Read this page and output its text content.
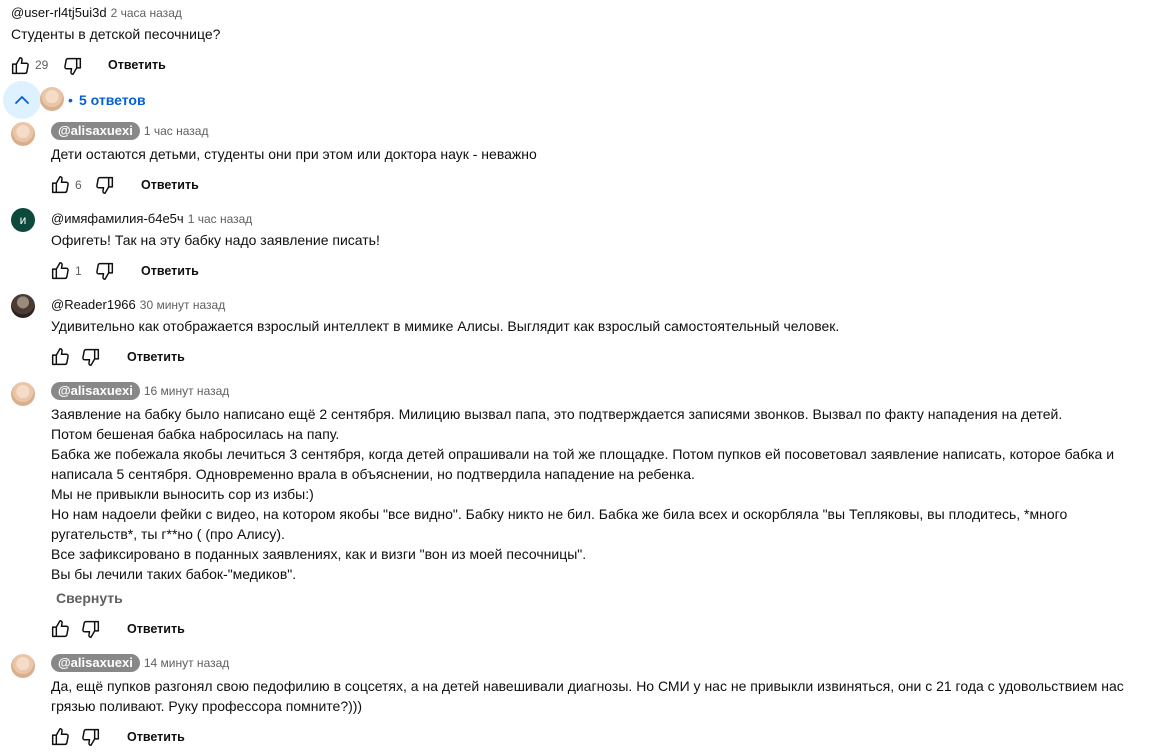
@user-rl4tj5ui3d 2 часа назад
Студенты в детской песочнице?
29	Ответить
• 5 ответов
@alisaxuexi 1 час назад
Дети остаются детьми, студенты они при этом или доктора наук - неважно
6	Ответить
и	@имяфамилия-б4е5ч 1 час назад
Офигеть! Так на эту бабку надо заявление писать!
1	Ответить
@Reader1966 30 минут назад
Удивительно как отображается взрослый интеллект в мимике Алисы. Выглядит как взрослый самостоятельный человек.
Ответить
@alisaxuexi 16 минут назад
Заявление на бабку было написано ещё 2 сентября. Милицию вызвал папа, это подтверждается записями звонков. Вызвал по факту нападения на детей.
Потом бешеная бабка набросилась на папу.
Бабка же побежала якобы лечиться 3 сентября, когда детей опрашивали на той же площадке. Потом пупков ей посоветовал заявление написать, которое бабка и
написала 5 сентября. Одновременно врала в объяснении, но подтвердила нападение на ребенка.
Мы не привыкли выносить сор из избы:)
Но нам надоели фейки с видео, на котором якобы "все видно". Бабку никто не бил. Бабка же била всех и оскорбляла "вы Тепляковы, вы плодитесь, *много
ругательств*, ты г**но ( (про Алису).
Все зафиксировано в поданных заявлениях, как и визги "вон из моей песочницы".
Вы бы лечили таких бабок-"медиков".
Свернуть
Ответить
@alisaxuexi 14 минут назад
Да, ещё пупков разгонял свою педофилию в соцсетях, а на детей навешивали диагнозы. Но СМИ у нас не привыкли извиняться, они с 21 года с удовольствием нас
грязью поливают. Руку профессора помните?)))
Ответить
